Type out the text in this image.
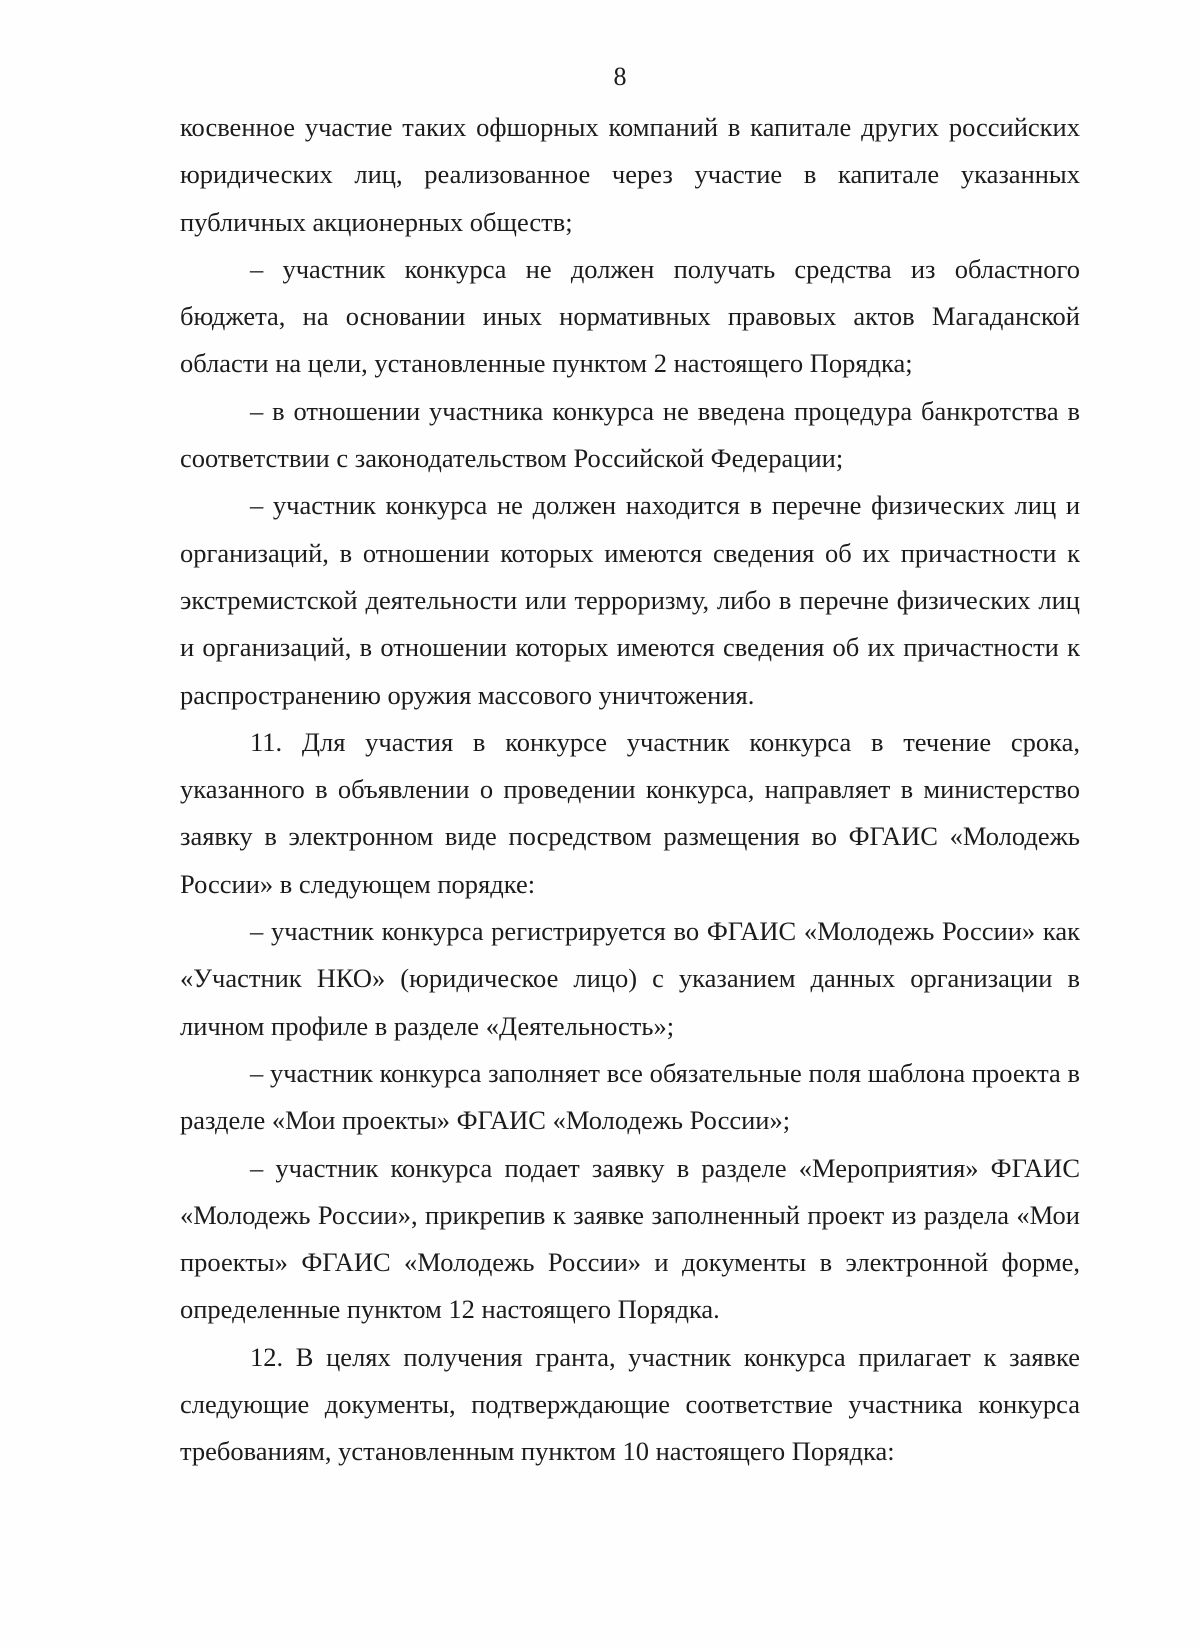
8

косвенное участие таких офшорных компаний в капитале других российских юридических лиц, реализованное через участие в капитале указанных публичных акционерных обществ;

– участник конкурса не должен получать средства из областного бюджета, на основании иных нормативных правовых актов Магаданской области на цели, установленные пунктом 2 настоящего Порядка;

– в отношении участника конкурса не введена процедура банкротства в соответствии с законодательством Российской Федерации;

– участник конкурса не должен находится в перечне физических лиц и организаций, в отношении которых имеются сведения об их причастности к экстремистской деятельности или терроризму, либо в перечне физических лиц и организаций, в отношении которых имеются сведения об их причастности к распространению оружия массового уничтожения.

11. Для участия в конкурсе участник конкурса в течение срока, указанного в объявлении о проведении конкурса, направляет в министерство заявку в электронном виде посредством размещения во ФГАИС «Молодежь России» в следующем порядке:

– участник конкурса регистрируется во ФГАИС «Молодежь России» как «Участник НКО» (юридическое лицо) с указанием данных организации в личном профиле в разделе «Деятельность»;

– участник конкурса заполняет все обязательные поля шаблона проекта в разделе «Мои проекты» ФГАИС «Молодежь России»;

– участник конкурса подает заявку в разделе «Мероприятия» ФГАИС «Молодежь России», прикрепив к заявке заполненный проект из раздела «Мои проекты» ФГАИС «Молодежь России» и документы в электронной форме, определенные пунктом 12 настоящего Порядка.

12. В целях получения гранта, участник конкурса прилагает к заявке следующие документы, подтверждающие соответствие участника конкурса требованиям, установленным пунктом 10 настоящего Порядка:
